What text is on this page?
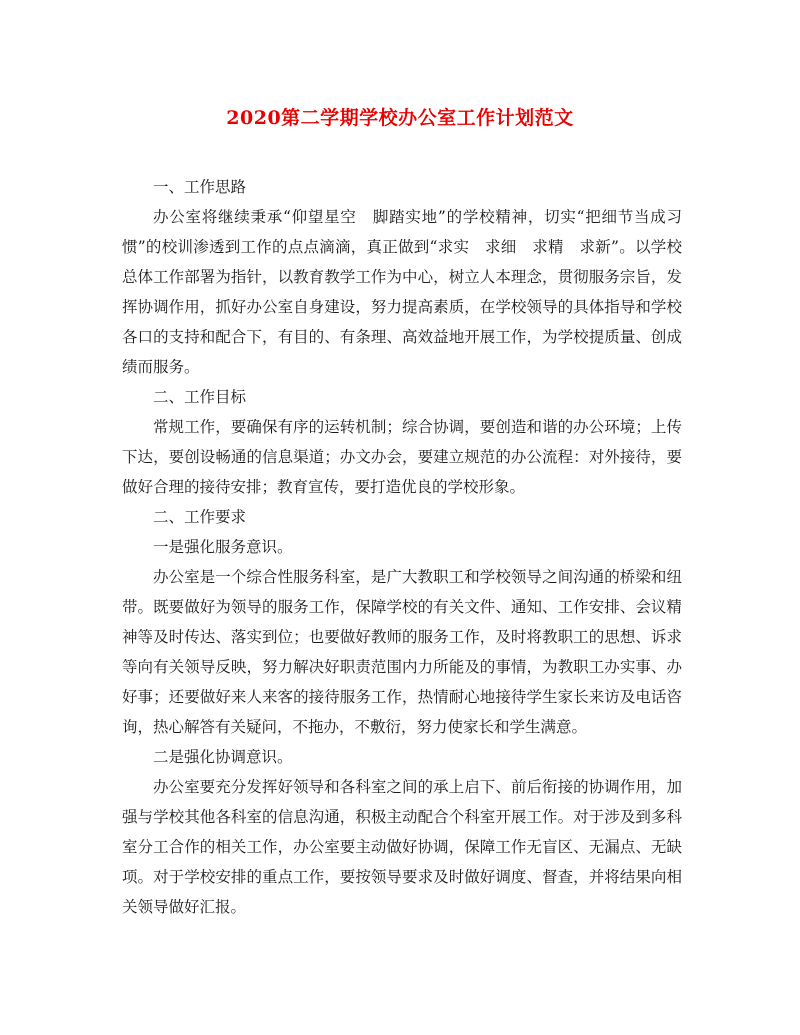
2020第二学期学校办公室工作计划范文

一、工作思路

办公室将继续秉承“仰望星空　脚踏实地”的学校精神，切实“把细节当成习惯”的校训渗透到工作的点点滴滴，真正做到“求实　求细　求精　求新”。以学校总体工作部署为指针，以教育教学工作为中心，树立人本理念，贯彻服务宗旨，发挥协调作用，抓好办公室自身建设，努力提高素质，在学校领导的具体指导和学校各口的支持和配合下，有目的、有条理、高效益地开展工作，为学校提质量、创成绩而服务。

二、工作目标

常规工作，要确保有序的运转机制；综合协调，要创造和谐的办公环境；上传下达，要创设畅通的信息渠道；办文办会，要建立规范的办公流程：对外接待，要做好合理的接待安排；教育宣传，要打造优良的学校形象。

二、工作要求

一是强化服务意识。

办公室是一个综合性服务科室，是广大教职工和学校领导之间沟通的桥梁和纽带。既要做好为领导的服务工作，保障学校的有关文件、通知、工作安排、会议精神等及时传达、落实到位；也要做好教师的服务工作，及时将教职工的思想、诉求等向有关领导反映，努力解决好职责范围内力所能及的事情，为教职工办实事、办好事；还要做好来人来客的接待服务工作，热情耐心地接待学生家长来访及电话咨询，热心解答有关疑问，不拖办，不敷衍，努力使家长和学生满意。

二是强化协调意识。

办公室要充分发挥好领导和各科室之间的承上启下、前后衔接的协调作用，加强与学校其他各科室的信息沟通，积极主动配合个科室开展工作。对于涉及到多科室分工合作的相关工作，办公室要主动做好协调，保障工作无盲区、无漏点、无缺项。对于学校安排的重点工作，要按领导要求及时做好调度、督查，并将结果向相关领导做好汇报。
